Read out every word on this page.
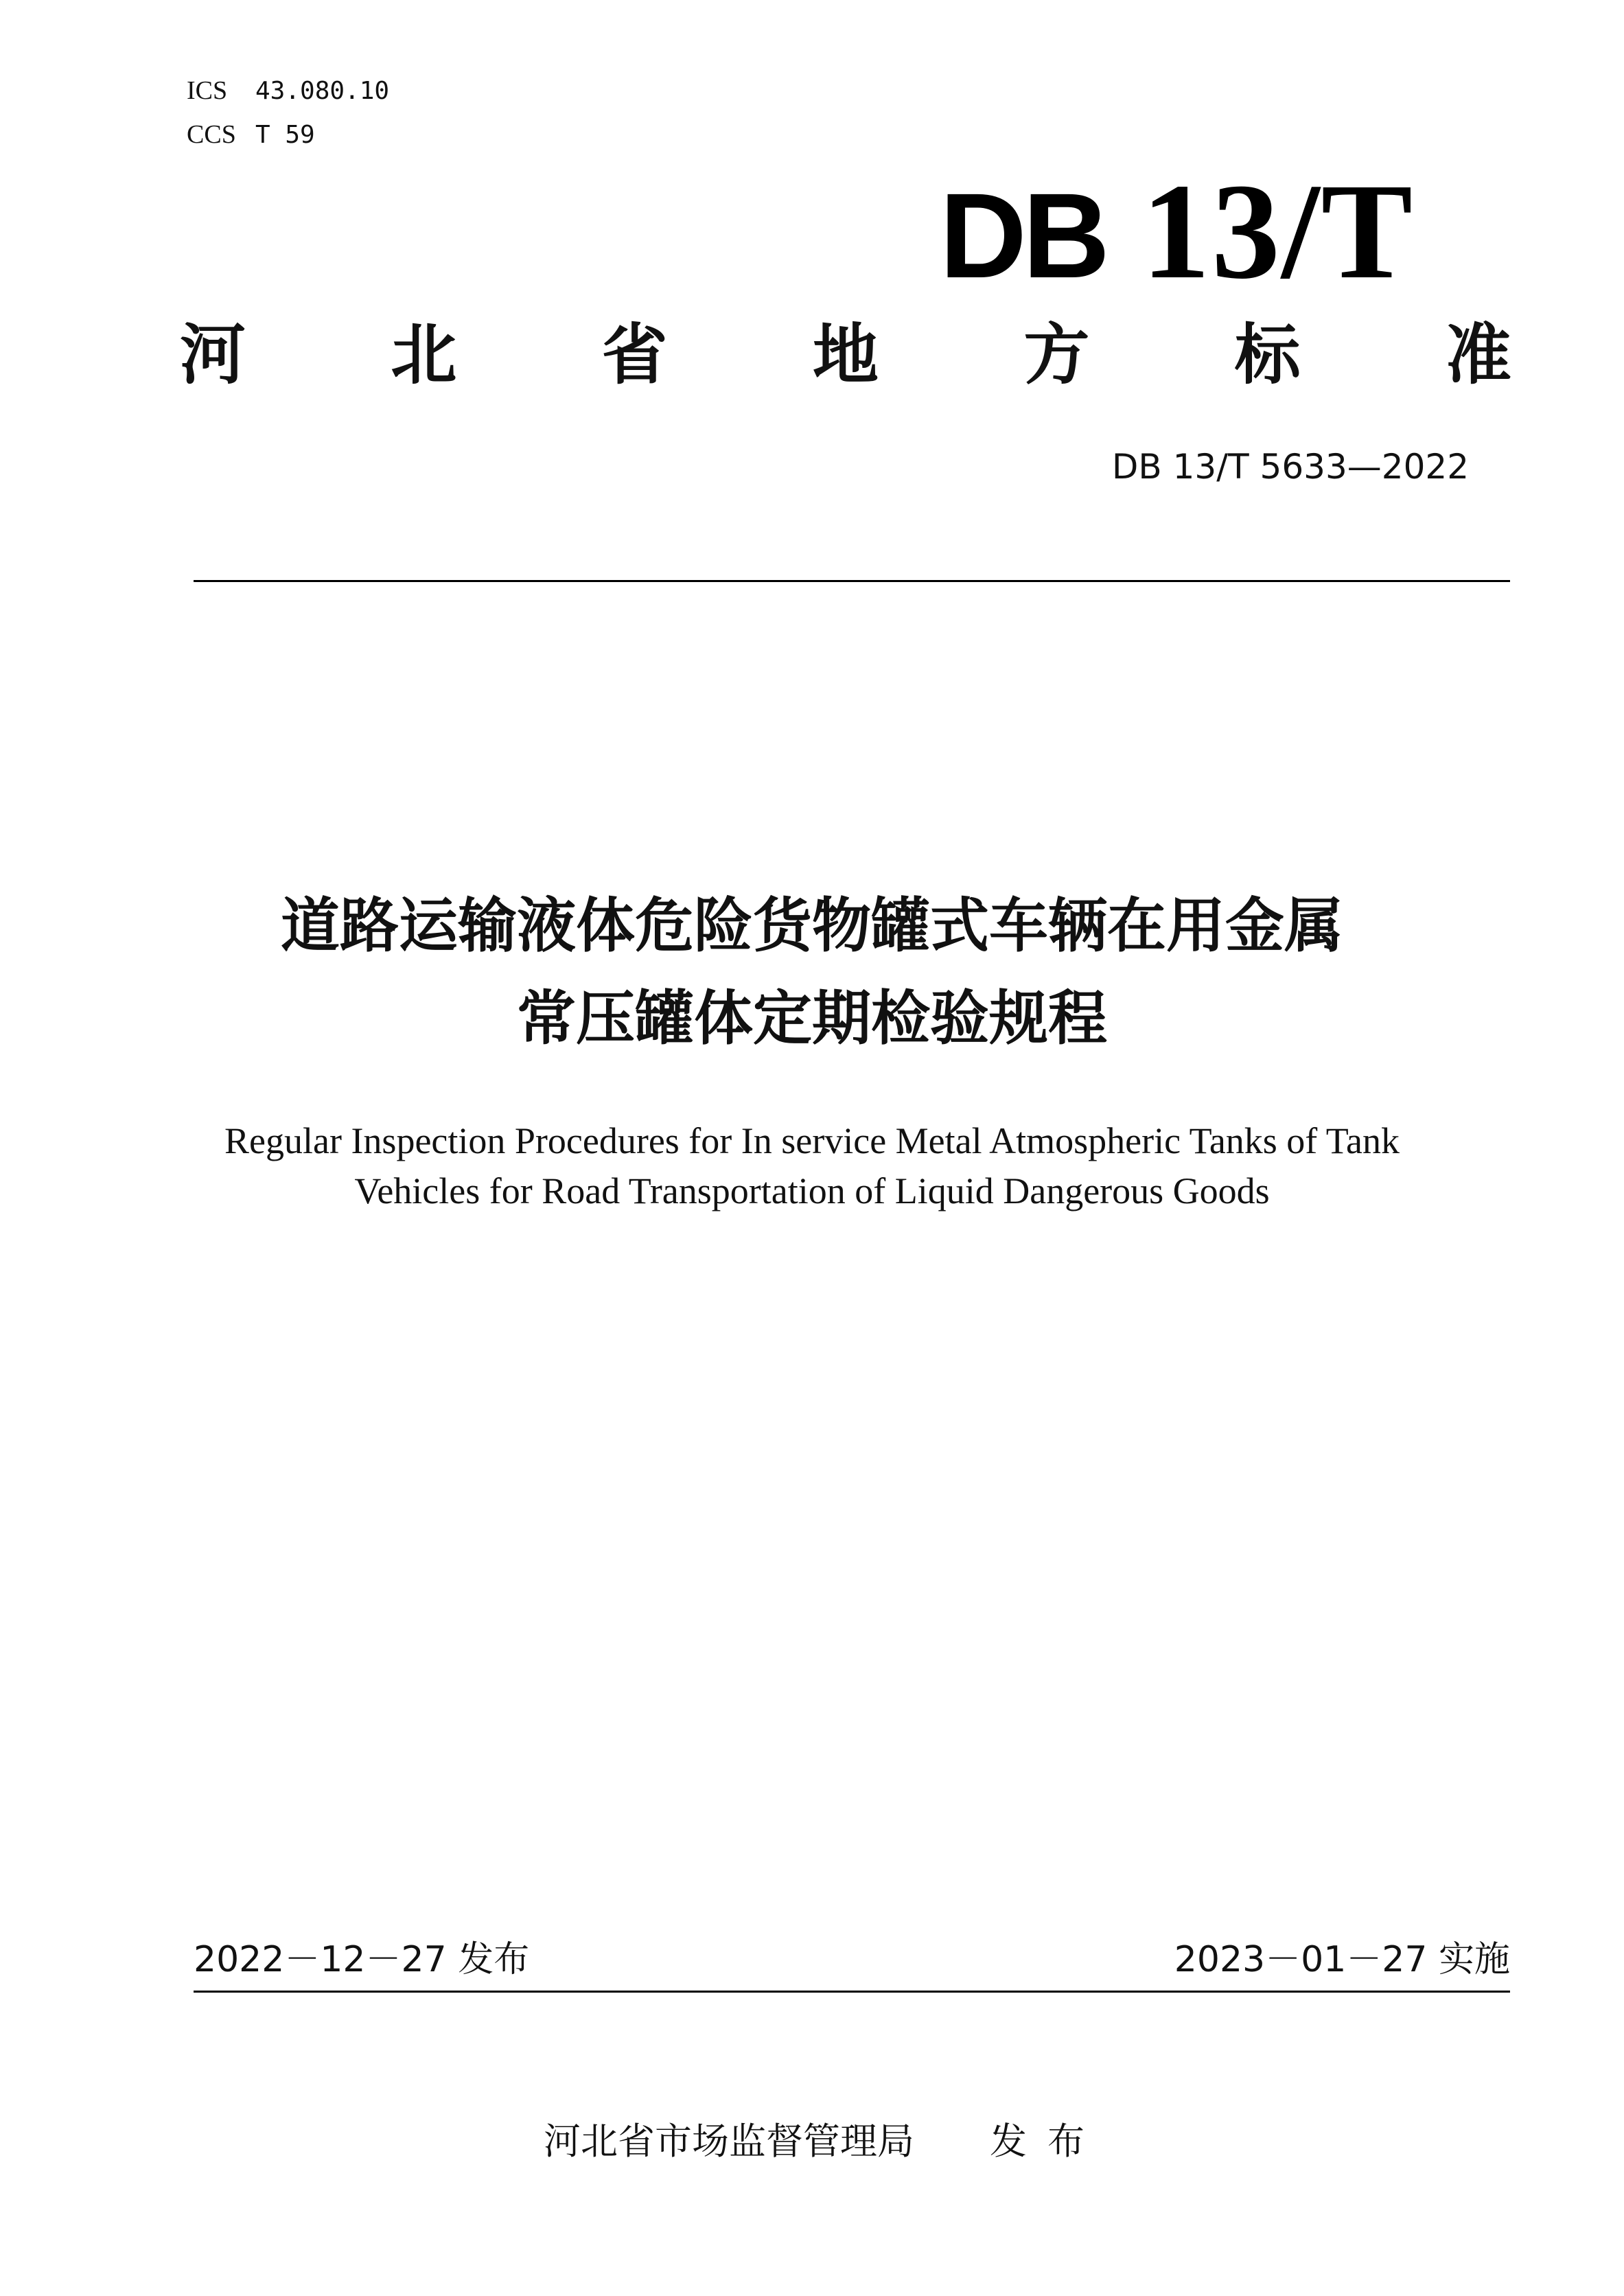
ICS 43.080.10
CCS T 59
DB 13/T
河 北 省 地 方 标 准
DB 13/T 5633—2022
道路运输液体危险货物罐式车辆在用金属
常压罐体定期检验规程
Regular Inspection Procedures for In service Metal Atmospheric Tanks of Tank
Vehicles for Road Transportation of Liquid Dangerous Goods
2022－12－27 发布	2023－01－27 实施
河北省市场监督管理局 发布
